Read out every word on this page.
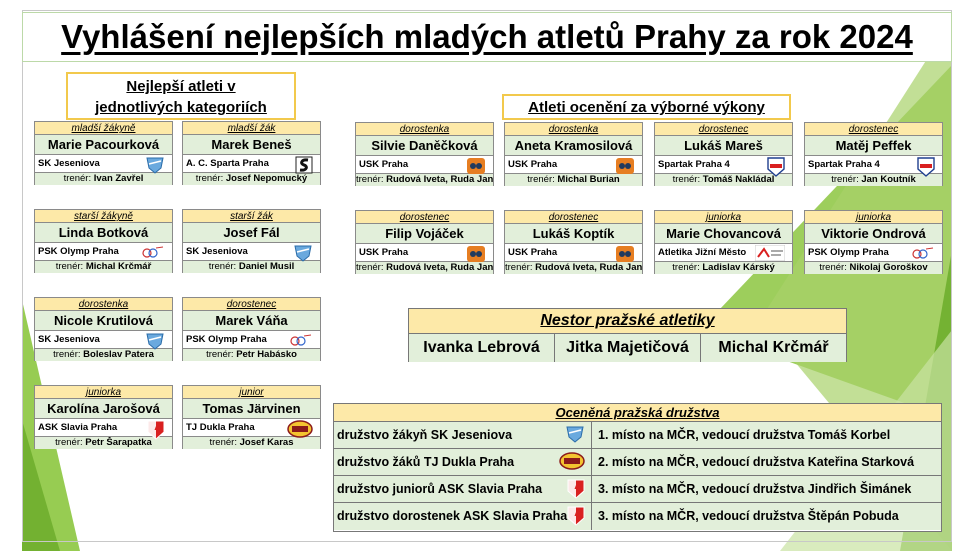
Vyhlášení nejlepších mladých atletů Prahy za rok 2024
Nejlepší atleti v
jednotlivých kategoriích	Atleti ocenění za výborné výkony
mladší žákyně
Marie Pacourková
SK Jeseniova
trenér: Ivan Zavřel
mladší žák
Marek Beneš
A. C. Sparta Praha
trenér: Josef Nepomucký
starší žákyně
Linda Botková
PSK Olymp Praha
trenér: Michal Krčmář
starší žák
Josef Fál
SK Jeseniova
trenér: Daniel Musil
dorostenka
Nicole Krutilová
SK Jeseniova
trenér: Boleslav Patera
dorostenec
Marek Váňa
PSK Olymp Praha
trenér: Petr Habásko
juniorka
Karolína Jarošová
ASK Slavia Praha
trenér: Petr Šarapatka
junior
Tomas Järvinen
TJ Dukla Praha
trenér: Josef Karas
dorostenka
Silvie Daněčková
USK Praha
trenér: Rudová Iveta, Ruda Jan
dorostenka
Aneta Kramosilová
USK Praha
trenér: Michal Burian
dorostenec
Lukáš Mareš
Spartak Praha 4
trenér: Tomáš Nakládal
dorostenec
Matěj Peffek
Spartak Praha 4
trenér: Jan Koutník
dorostenec
Filip Vojáček
USK Praha
trenér: Rudová Iveta, Ruda Jan
dorostenec
Lukáš Koptík
USK Praha
trenér: Rudová Iveta, Ruda Jan
juniorka
Marie Chovancová
Atletika Jižní Město
trenér: Ladislav Kárský
juniorka
Viktorie Ondrová
PSK Olymp Praha
trenér: Nikolaj Goroškov
Nestor pražské atletiky
Ivanka Lebrová	Jitka Majetičová	Michal Krčmář
Oceněná pražská družstva
družstvo žákyň SK Jeseniova	1. místo na MČR, vedoucí družstva Tomáš Korbel
družstvo žáků TJ Dukla Praha	2. místo na MČR, vedoucí družstva Kateřina Starková
družstvo juniorů ASK Slavia Praha	3. místo na MČR, vedoucí družstva Jindřich Šimánek
družstvo dorostenek ASK Slavia Praha	3. místo na MČR, vedoucí družstva Štěpán Pobuda
